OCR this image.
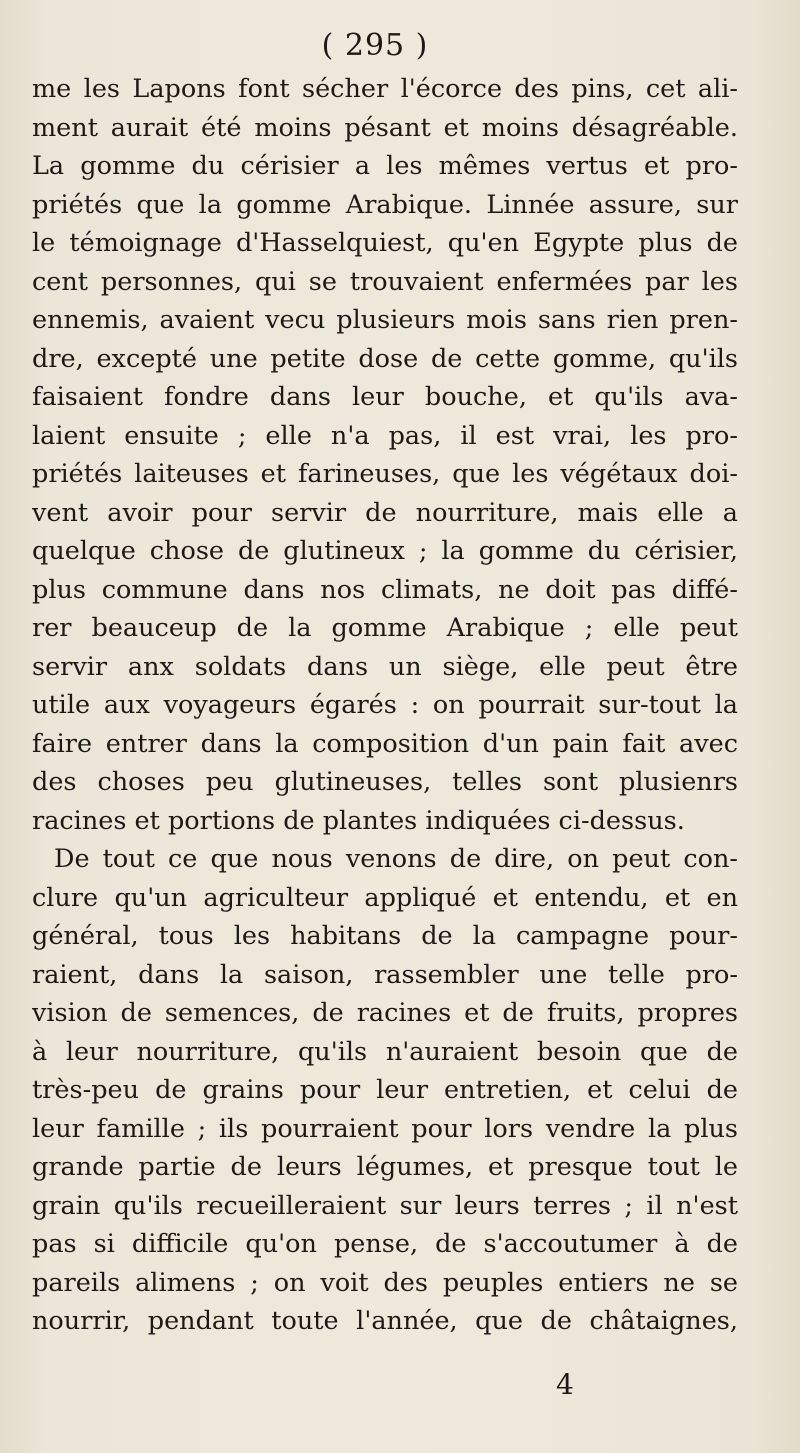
( 295 )
me les Lapons font sécher l'écorce des pins, cet ali-
ment aurait été moins pésant et moins désagréable.
La gomme du cérisier a les mêmes vertus et pro-
priétés que la gomme Arabique. Linnée assure, sur
le témoignage d'Hasselquiest, qu'en Egypte plus de
cent personnes, qui se trouvaient enfermées par les
ennemis, avaient vecu plusieurs mois sans rien pren-
dre, excepté une petite dose de cette gomme, qu'ils
faisaient fondre dans leur bouche, et qu'ils ava-
laient ensuite ; elle n'a pas, il est vrai, les pro-
priétés laiteuses et farineuses, que les végétaux doi-
vent avoir pour servir de nourriture, mais elle a
quelque chose de glutineux ; la gomme du cérisier,
plus commune dans nos climats, ne doit pas diffé-
rer beauceup de la gomme Arabique ; elle peut
servir anx soldats dans un siège, elle peut être
utile aux voyageurs égarés : on pourrait sur-tout la
faire entrer dans la composition d'un pain fait avec
des choses peu glutineuses, telles sont plusienrs
racines et portions de plantes indiquées ci-dessus.
De tout ce que nous venons de dire, on peut con-
clure qu'un agriculteur appliqué et entendu, et en
général, tous les habitans de la campagne pour-
raient, dans la saison, rassembler une telle pro-
vision de semences, de racines et de fruits, propres
à leur nourriture, qu'ils n'auraient besoin que de
très-peu de grains pour leur entretien, et celui de
leur famille ; ils pourraient pour lors vendre la plus
grande partie de leurs légumes, et presque tout le
grain qu'ils recueilleraient sur leurs terres ; il n'est
pas si difficile qu'on pense, de s'accoutumer à de
pareils alimens ; on voit des peuples entiers ne se
nourrir, pendant toute l'année, que de châtaignes,
4
